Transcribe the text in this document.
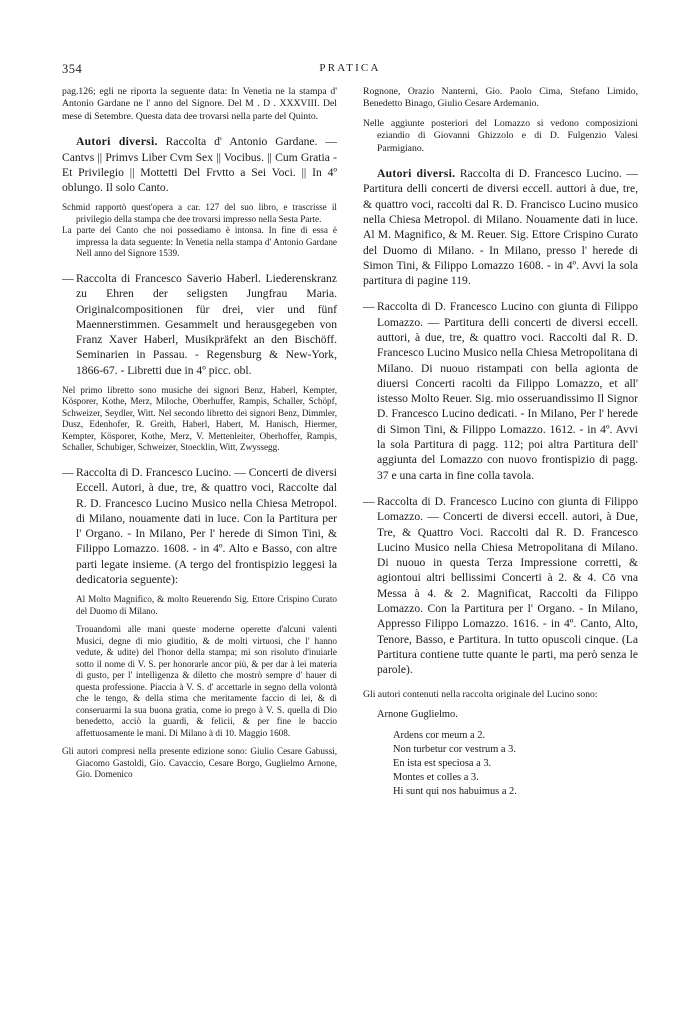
354	PRATICA

pag.126; egli ne riporta la seguente data: In Venetia ne la stampa d' Antonio Gardane ne l' anno del Signore. Del M . D . XXXVIII. Del mese di Setembre. Questa data dee trovarsi nella parte del Quinto.

Autori diversi. Raccolta d' Antonio Gardane. — Cantvs || Primvs Liber Cvm Sex || Vocibus. || Cum Gratia - Et Privilegio || Mottetti Del Frvtto a Sei Voci. || In 4º oblungo. Il solo Canto.

Schmid rapportò quest'opera a car. 127 del suo libro, e trascrisse il privilegio della stampa che dee trovarsi impresso nella Sesta Parte.

La parte del Canto che noi possediamo è intonsa. In fine di essa è impressa la data seguente: In Venetia nella stampa d' Antonio Gardane Nell anno del Signore 1539.

— Raccolta di Francesco Saverio Haberl. Liederenskranz zu Ehren der seligsten Jungfrau Maria. Originalcompositionen für drei, vier und fünf Maennerstimmen. Gesammelt und herausgegeben von Franz Xaver Haberl, Musikpräfekt an den Bischöff. Seminarien in Passau. - Regensburg & New-York, 1866-67. - Libretti due in 4º picc. obl.

Nel primo libretto sono musiche dei signori Benz, Haberl, Kempter, Kösporer, Kothe, Merz, Miloche, Oberhuffer, Rampis, Schaller, Schöpf, Schweizer, Seydler, Witt. Nel secondo libretto dei signori Benz, Dimmler, Dusz, Edenhofer, R. Greith, Haberl, Habert, M. Hanisch, Hiermer, Kempter, Kösporer, Kothe, Merz, V. Mettenleiter, Oberhoffer, Rampis, Schaller, Schubiger, Schweizer, Stoecklin, Witt, Zwyssegg.

— Raccolta di D. Francesco Lucino. — Concerti de diversi Eccell. Autori, à due, tre, & quattro voci, Raccolte dal R. D. Francesco Lucino Musico nella Chiesa Metropol. di Milano, nouamente dati in luce. Con la Partitura per l' Organo. - In Milano, Per l' herede di Simon Tini, & Filippo Lomazzo. 1608. - in 4º. Alto e Basso, con altre parti legate insieme. (A tergo del frontispizio leggesi la dedicatoria seguente):

Al Molto Magnifico, & molto Reuerendo Sig. Ettore Crispino Curato del Duomo di Milano.

Trouandomi alle mani queste moderne operette d'alcuni valenti Musici, degne di mio giuditio, & de molti virtuosi, che l' hanno vedute, & udite) del l'honor della stampa; mi son risoluto d'inuiarle sotto il nome di V. S. per honorarle ancor più, & per dar à lei materia di gusto, per l' intelligenza & diletto che mostrò sempre d' hauer di questa professione. Piaccia à V. S. d' accettarle in segno della volontà che le tengo, & della stima che meritamente faccio di lei, & di conseruarmi la sua buona gratia, come io prego à V. S. quella di Dio benedetto, acciò la guardi, & felicii, & per fine le baccio affettuosamente le mani. Di Milano à di 10. Maggio 1608.

Gli autori compresi nella presente edizione sono: Giulio Cesare Gabussi, Giacomo Gastoldi, Gio. Cavaccio, Cesare Borgo, Guglielmo Arnone, Gio. Domenico

Rognone, Orazio Nanterni, Gio. Paolo Cima, Stefano Limido, Benedetto Binago, Giulio Cesare Ardemanio.

Nelle aggiunte posteriori del Lomazzo si vedono composizioni eziandio di Giovanni Ghizzolo e di D. Fulgenzio Valesi Parmigiano.

Autori diversi. Raccolta di D. Francesco Lucino. — Partitura delli concerti de diversi eccell. auttori à due, tre, & quattro voci, raccolti dal R. D. Francisco Lucino musico nella Chiesa Metropol. di Milano. Nouamente dati in luce. Al M. Magnifico, & M. Reuer. Sig. Ettore Crispino Curato del Duomo di Milano. - In Milano, presso l' herede di Simon Tini, & Filippo Lomazzo 1608. - in 4º. Avvi la sola partitura di pagine 119.

— Raccolta di D. Francesco Lucino con giunta di Filippo Lomazzo. — Partitura delli concerti de diversi eccell. auttori, à due, tre, & quattro voci. Raccolti dal R. D. Francesco Lucino Musico nella Chiesa Metropolitana di Milano. Di nuouo ristampati con bella agionta de diuersi Concerti racolti da Filippo Lomazzo, et all' istesso Molto Reuer. Sig. mio osseruandissimo Il Signor D. Francesco Lucino dedicati. - In Milano, Per l' herede di Simon Tini, & Filippo Lomazzo. 1612. - in 4º. Avvi la sola Partitura di pagg. 112; poi altra Partitura dell' aggiunta del Lomazzo con nuovo frontispizio di pagg. 37 e una carta in fine colla tavola.

— Raccolta di D. Francesco Lucino con giunta di Filippo Lomazzo. — Concerti de diversi eccell. autori, à Due, Tre, & Quattro Voci. Raccolti dal R. D. Francesco Lucino Musico nella Chiesa Metropolitana di Milano. Di nuouo in questa Terza Impressione corretti, & agiontoui altri bellissimi Concerti à 2. & 4. Cō vna Messa à 4. & 2. Magnificat, Raccolti da Filippo Lomazzo. Con la Partitura per l' Organo. - In Milano, Appresso Filippo Lomazzo. 1616. - in 4º. Canto, Alto, Tenore, Basso, e Partitura. In tutto opuscoli cinque. (La Partitura contiene tutte quante le parti, ma però senza le parole).

Gli autori contenuti nella raccolta originale del Lucino sono:

Arnone Guglielmo.

Ardens cor meum a 2.
Non turbetur cor vestrum a 3.
En ista est speciosa a 3.
Montes et colles a 3.
Hi sunt qui nos habuimus a 2.
